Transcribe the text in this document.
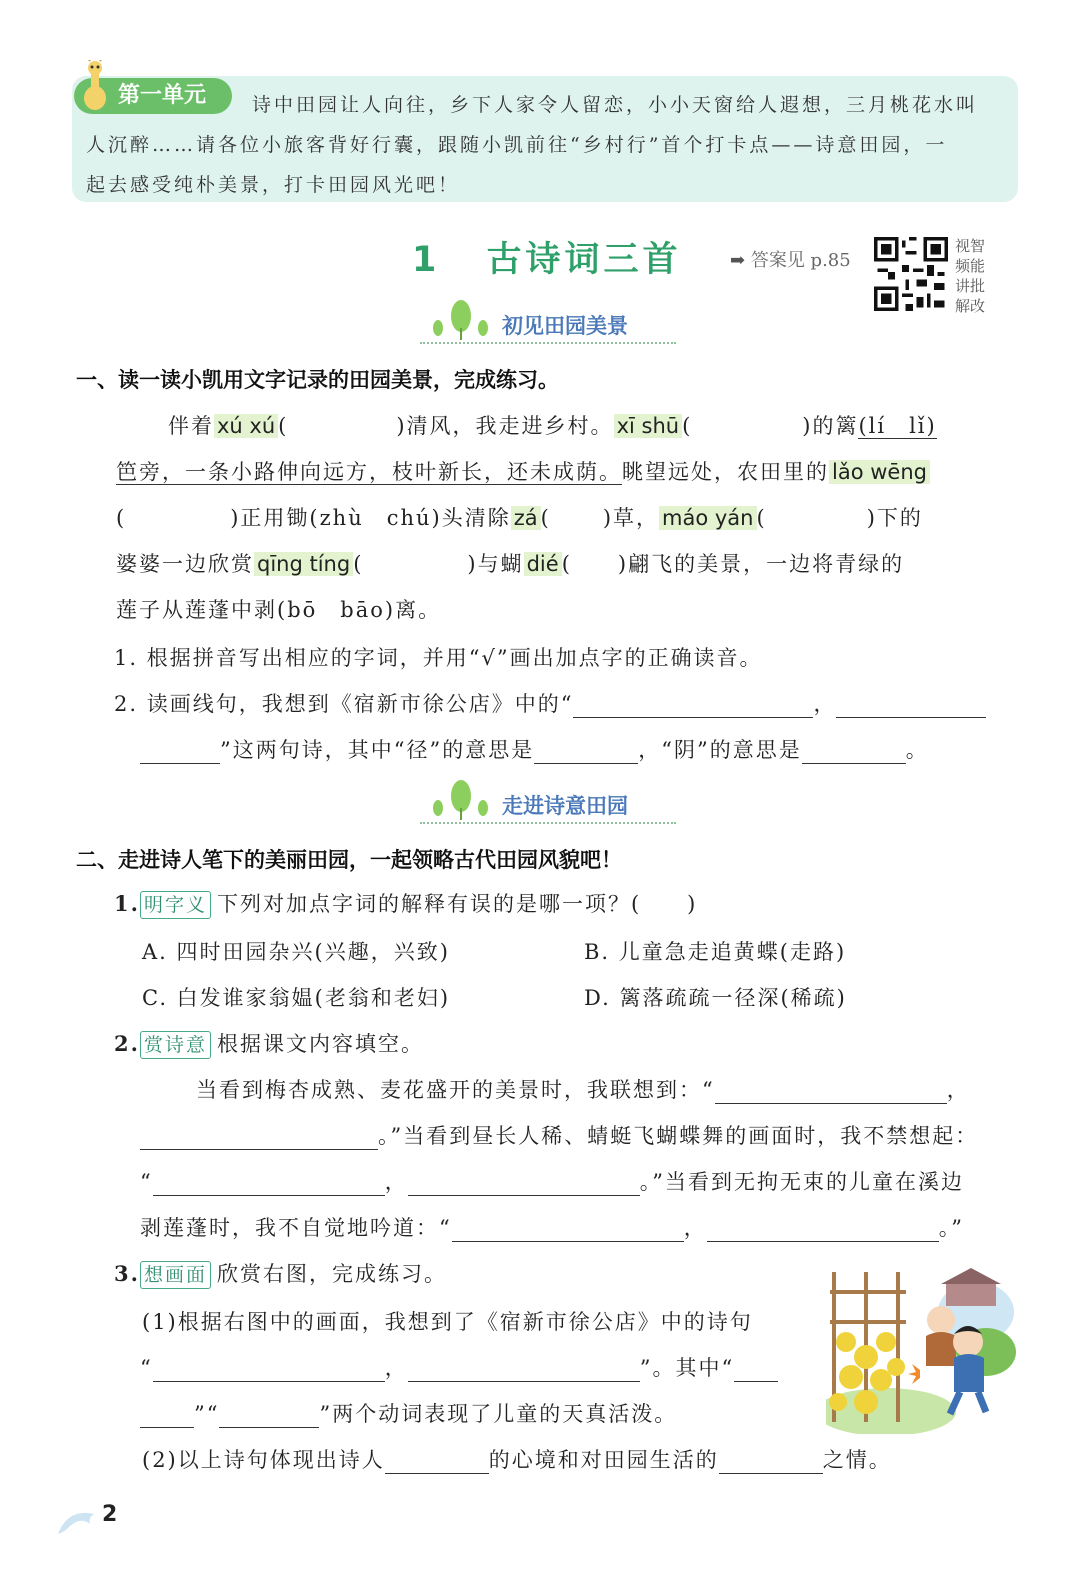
第一单元 诗中田园让人向往，乡下人家令人留恋，小小天窗给人遐想，三月桃花水叫
人沉醉……请各位小旅客背好行囊，跟随小凯前往“乡村行”首个打卡点——诗意田园，一
起去感受纯朴美景，打卡田园风光吧！
1 古诗词三首	➡ 答案见 p.85
视智
频能
讲批
解改
初见田园美景
一、读一读小凯用文字记录的田园美景，完成练习。
伴着 xú xú (	)清风，我走进乡村。 xī shū (	)的篱(lí　lǐ)
笆旁，一条小路伸向远方，枝叶新长，还未成荫。眺望远处，农田里的 lǎo wēng
(	)正用锄(zhù　chú)头清除 zá ( )草， máo yán (	)下的
婆婆一边欣赏 qīng tíng (	)与蝴 dié ( )翩飞的美景，一边将青绿的
莲子从莲蓬中剥(bō　bāo)离。
1. 根据拼音写出相应的字词，并用“√”画出加点字的正确读音。
2. 读画线句，我想到《宿新市徐公店》中的“	，
”这两句诗，其中“径”的意思是	，“阴”的意思是	。
走进诗意田园
二、走进诗人笔下的美丽田园，一起领略古代田园风貌吧！
1. 明字义 下列对加点字词的解释有误的是哪一项？(　　)
A. 四时田园杂兴(兴趣，兴致)	B. 儿童急走追黄蝶(走路)
C. 白发谁家翁媪(老翁和老妇)	D. 篱落疏疏一径深(稀疏)
2. 赏诗意 根据课文内容填空。
当看到梅杏成熟、麦花盛开的美景时，我联想到：“	，
。”当看到昼长人稀、蜻蜓飞蝴蝶舞的画面时，我不禁想起：
“	，	。”当看到无拘无束的儿童在溪边
剥莲蓬时，我不自觉地吟道：“	，	。”
3. 想画面 欣赏右图，完成练习。
(1)根据右图中的画面，我想到了《宿新市徐公店》中的诗句
“	，	”。其中“
”“	”两个动词表现了儿童的天真活泼。
(2)以上诗句体现出诗人	的心境和对田园生活的	之情。
2
